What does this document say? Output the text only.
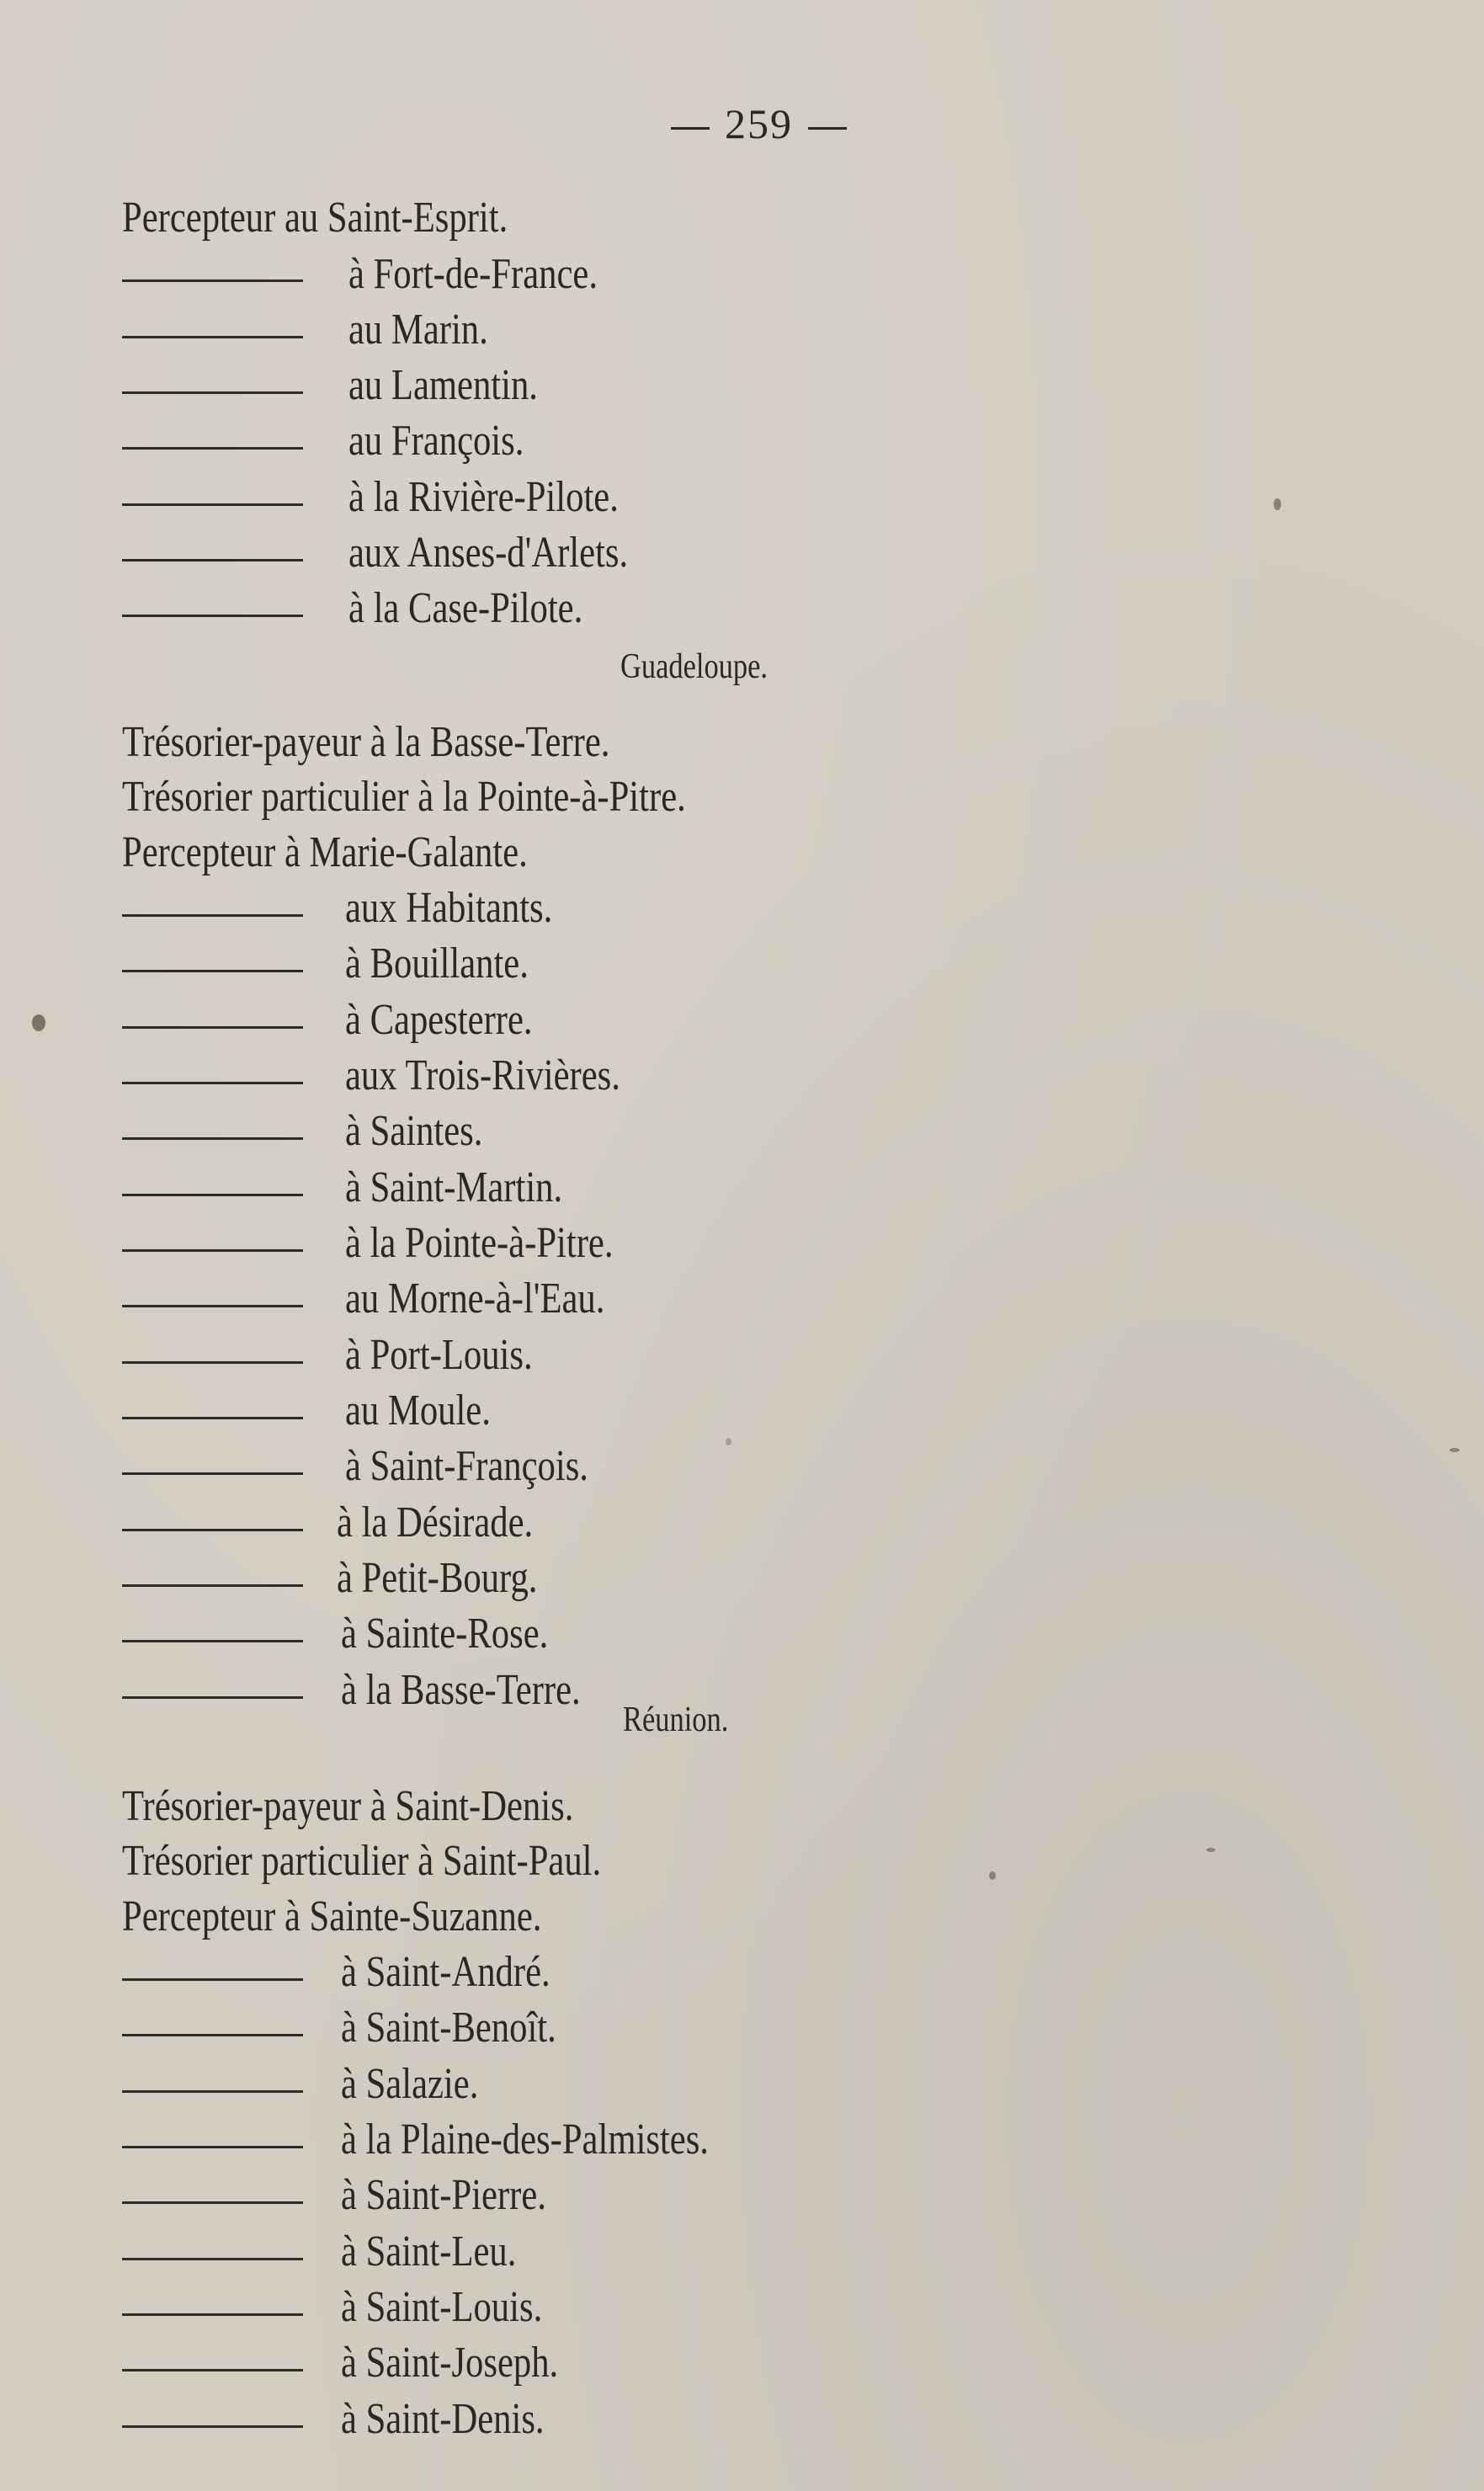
259
Percepteur au Saint-Esprit.
à Fort-de-France.
au Marin.
au Lamentin.
au François.
à la Rivière-Pilote.
aux Anses-d'Arlets.
à la Case-Pilote.
Guadeloupe.
Trésorier-payeur à la Basse-Terre.
Trésorier particulier à la Pointe-à-Pitre.
Percepteur à Marie-Galante.
aux Habitants.
à Bouillante.
à Capesterre.
aux Trois-Rivières.
à Saintes.
à Saint-Martin.
à la Pointe-à-Pitre.
au Morne-à-l'Eau.
à Port-Louis.
au Moule.
à Saint-François.
à la Désirade.
à Petit-Bourg.
à Sainte-Rose.
à la Basse-Terre.
Réunion.
Trésorier-payeur à Saint-Denis.
Trésorier particulier à Saint-Paul.
Percepteur à Sainte-Suzanne.
à Saint-André.
à Saint-Benoît.
à Salazie.
à la Plaine-des-Palmistes.
à Saint-Pierre.
à Saint-Leu.
à Saint-Louis.
à Saint-Joseph.
à Saint-Denis.
